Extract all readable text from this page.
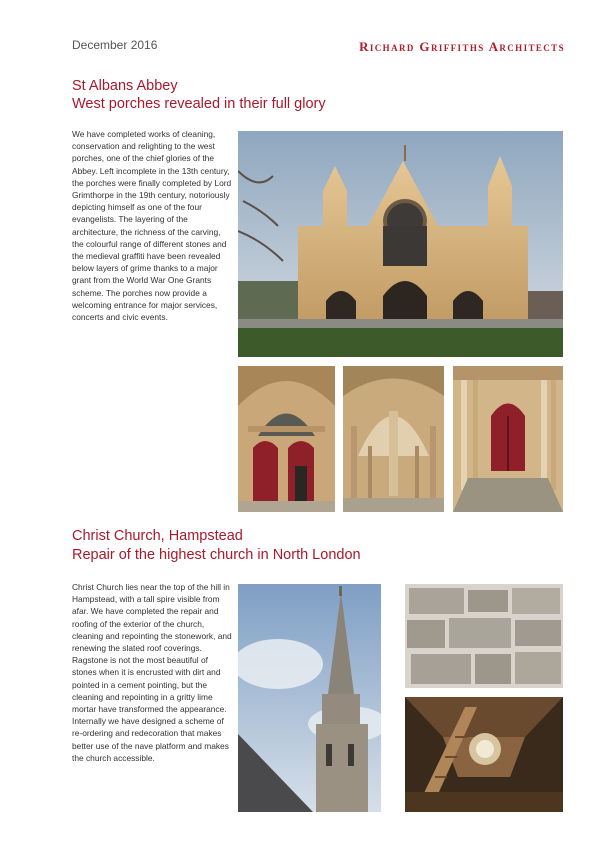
December 2016	Richard Griffiths Architects
St Albans Abbey
West porches revealed in their full glory
We have completed works of cleaning, conservation and relighting to the west porches, one of the chief glories of the Abbey. Left incomplete in the 13th century, the porches were finally completed by Lord Grimthorpe in the 19th century, notoriously depicting himself as one of the four evangelists. The layering of the architecture, the richness of the carving, the colourful range of different stones and the medieval graffiti have been revealed below layers of grime thanks to a major grant from the World War One Grants scheme. The porches now provide a welcoming entrance for major services, concerts and civic events.
Christ Church, Hampstead
Repair of the highest church in North London
Christ Church lies near the top of the hill in Hampstead, with a tall spire visible from afar. We have completed the repair and roofing of the exterior of the church, cleaning and repointing the stonework, and renewing the slated roof coverings. Ragstone is not the most beautiful of stones when it is encrusted with dirt and pointed in a cement pointing, but the cleaning and repointing in a gritty lime mortar have transformed the appearance. Internally we have designed a scheme of re-ordering and redecoration that makes better use of the nave platform and makes the church accessible.
